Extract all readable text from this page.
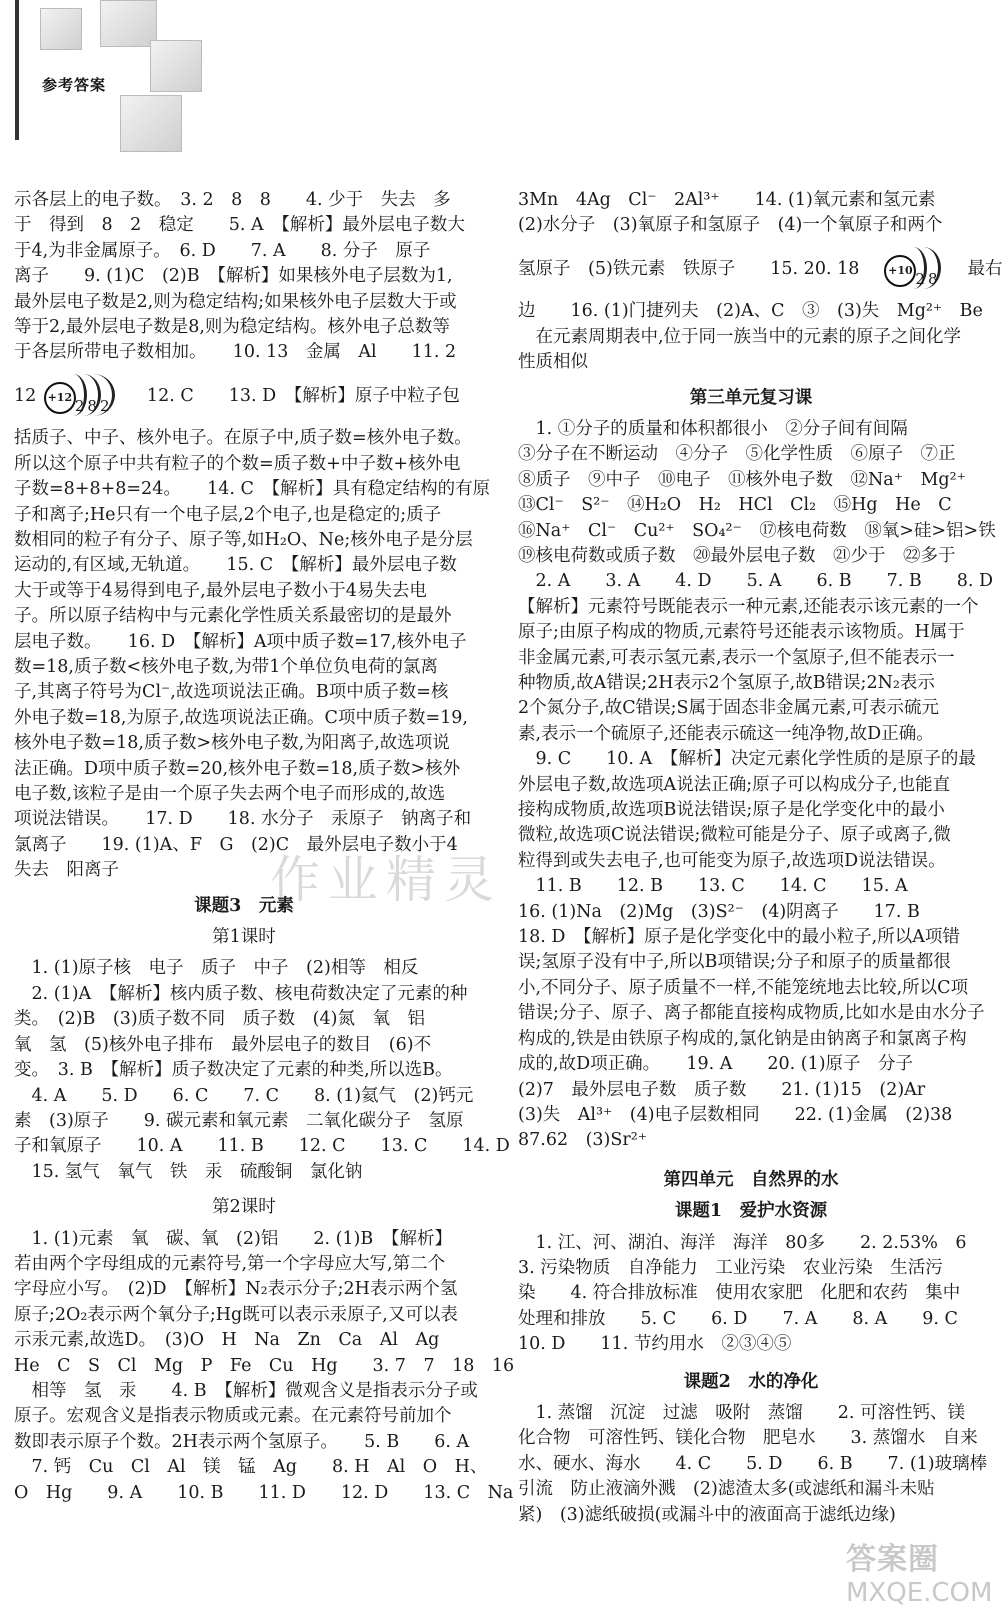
参考答案

示各层上的电子数。　3. 2　8　8　　4. 少于　失去　多

于　得到　8　2　稳定　　5. A　【解析】最外层电子数大

于4,为非金属原子。　6. D　　7. A　　8. 分子　原子

离子　　9. (1)C　(2)B　【解析】如果核外电子层数为1,

最外层电子数是2,则为稳定结构;如果核外电子层数大于或

等于2,最外层电子数是8,则为稳定结构。核外电子总数等

于各层所带电子数相加。　　10. 13　金属　Al　　11. 2

12	+12 282
　12. C　　13. D　【解析】原子中粒子包

括质子、中子、核外电子。在原子中,质子数=核外电子数。

所以这个原子中共有粒子的个数=质子数+中子数+核外电

子数=8+8+8=24。　　14. C　【解析】具有稳定结构的有原

子和离子;He只有一个电子层,2个电子,也是稳定的;质子

数相同的粒子有分子、原子等,如H₂O、Ne;核外电子是分层

运动的,有区域,无轨道。　　15. C　【解析】最外层电子数

大于或等于4易得到电子,最外层电子数小于4易失去电

子。所以原子结构中与元素化学性质关系最密切的是最外

层电子数。　　16. D　【解析】A项中质子数=17,核外电子

数=18,质子数<核外电子数,为带1个单位负电荷的氯离

子,其离子符号为Cl⁻,故选项说法正确。B项中质子数=核

外电子数=18,为原子,故选项说法正确。C项中质子数=19,

核外电子数=18,质子数>核外电子数,为阳离子,故选项说

法正确。D项中质子数=20,核外电子数=18,质子数>核外

电子数,该粒子是由一个原子失去两个电子而形成的,故选

项说法错误。　　17. D　　18. 水分子　汞原子　钠离子和

氯离子　　19. (1)A、F　G　(2)C　最外层电子数小于4

失去　阳离子

课题3　元素

第1课时

　1. (1)原子核　电子　质子　中子　(2)相等　相反

　2. (1)A　【解析】核内质子数、核电荷数决定了元素的种

类。　(2)B　(3)质子数不同　质子数　(4)氮　氧　铝

氧　氢　(5)核外电子排布　最外层电子的数目　(6)不

变。　3. B　【解析】质子数决定了元素的种类,所以选B。

　4. A　　5. D　　6. C　　7. C　　8. (1)氦气　(2)钙元

素　(3)原子　　9. 碳元素和氧元素　二氧化碳分子　氢原

子和氧原子　　10. A　　11. B　　12. C　　13. C　　14. D

　15. 氢气　氧气　铁　汞　硫酸铜　氯化钠

第2课时

　1. (1)元素　氧　碳、氧　(2)铝　　2. (1)B　【解析】

若由两个字母组成的元素符号,第一个字母应大写,第二个

字母应小写。　(2)D　【解析】N₂表示分子;2H表示两个氢

原子;2O₂表示两个氧分子;Hg既可以表示汞原子,又可以表

示汞元素,故选D。　(3)O　H　Na　Zn　Ca　Al　Ag

He　C　S　Cl　Mg　P　Fe　Cu　Hg　　3. 7　7　18　16

　相等　氢　汞　　4. B　【解析】微观含义是指表示分子或

原子。宏观含义是指表示物质或元素。在元素符号前加个

数即表示原子个数。2H表示两个氢原子。　　5. B　　6. A

　7. 钙　Cu　Cl　Al　镁　锰　Ag　　8. H　Al　O　H、

O　Hg　　9. A　　10. B　　11. D　　12. D　　13. C　Na

3Mn　4Ag　Cl⁻　2Al³⁺　　14. (1)氧元素和氢元素

(2)水分子　(3)氧原子和氢原子　(4)一个氧原子和两个

氢原子　(5)铁元素　铁原子　　15. 20. 18　	+10 28
　最右

边　　16. (1)门捷列夫　(2)A、C　③　(3)失　Mg²⁺　Be

　在元素周期表中,位于同一族当中的元素的原子之间化学

性质相似

第三单元复习课

　1. ①分子的质量和体积都很小　②分子间有间隔

③分子在不断运动　④分子　⑤化学性质　⑥原子　⑦正

⑧质子　⑨中子　⑩电子　⑪核外电子数　⑫Na⁺　Mg²⁺

⑬Cl⁻　S²⁻　⑭H₂O　H₂　HCl　Cl₂　⑮Hg　He　C

⑯Na⁺　Cl⁻　Cu²⁺　SO₄²⁻　⑰核电荷数　⑱氧>硅>铝>铁

⑲核电荷数或质子数　⑳最外层电子数　㉑少于　㉒多于

　2. A　　3. A　　4. D　　5. A　　6. B　　7. B　　8. D

【解析】元素符号既能表示一种元素,还能表示该元素的一个

原子;由原子构成的物质,元素符号还能表示该物质。H属于

非金属元素,可表示氢元素,表示一个氢原子,但不能表示一

种物质,故A错误;2H表示2个氢原子,故B错误;2N₂表示

2个氮分子,故C错误;S属于固态非金属元素,可表示硫元

素,表示一个硫原子,还能表示硫这一纯净物,故D正确。

　9. C　　10. A　【解析】决定元素化学性质的是原子的最

外层电子数,故选项A说法正确;原子可以构成分子,也能直

接构成物质,故选项B说法错误;原子是化学变化中的最小

微粒,故选项C说法错误;微粒可能是分子、原子或离子,微

粒得到或失去电子,也可能变为原子,故选项D说法错误。

　11. B　　12. B　　13. C　　14. C　　15. A

16. (1)Na　(2)Mg　(3)S²⁻　(4)阴离子　　17. B

18. D　【解析】原子是化学变化中的最小粒子,所以A项错

误;氢原子没有中子,所以B项错误;分子和原子的质量都很

小,不同分子、原子质量不一样,不能笼统地去比较,所以C项

错误;分子、原子、离子都能直接构成物质,比如水是由水分子

构成的,铁是由铁原子构成的,氯化钠是由钠离子和氯离子构

成的,故D项正确。　　19. A　　20. (1)原子　分子

(2)7　最外层电子数　质子数　　21. (1)15　(2)Ar

(3)失　Al³⁺　(4)电子层数相同　　22. (1)金属　(2)38

87.62　(3)Sr²⁺

第四单元　自然界的水

课题1　爱护水资源

　1. 江、河、湖泊、海洋　海洋　80多　　2. 2.53%　6

3. 污染物质　自净能力　工业污染　农业污染　生活污

染　　4. 符合排放标准　使用农家肥　化肥和农药　集中

处理和排放　　5. C　　6. D　　7. A　　8. A　　9. C

10. D　　11. 节约用水　②③④⑤

课题2　水的净化

　1. 蒸馏　沉淀　过滤　吸附　蒸馏　　2. 可溶性钙、镁

化合物　可溶性钙、镁化合物　肥皂水　　3. 蒸馏水　自来

水、硬水、海水　　4. C　　5. D　　6. B　　7. (1)玻璃棒

引流　防止液滴外溅　(2)滤渣太多(或滤纸和漏斗未贴

紧)　(3)滤纸破损(或漏斗中的液面高于滤纸边缘)

作业精灵
答案圈
MXQE.COM
